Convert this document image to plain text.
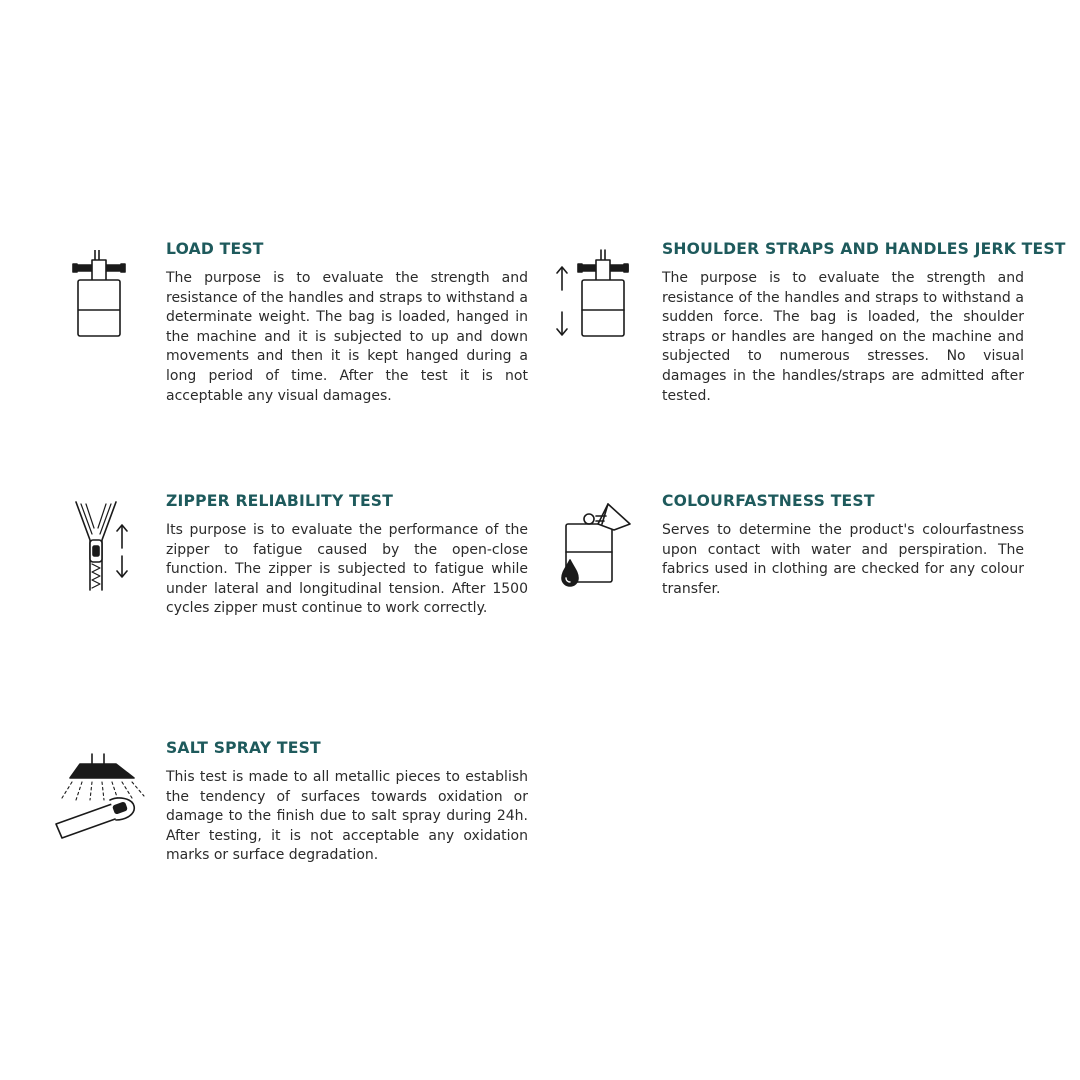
LOAD TEST

The purpose is to evaluate the strength and resistance of the handles and straps to withstand a determinate weight. The bag is loaded, hanged in the machine and it is subjected to up and down movements and then it is kept hanged during a long period of time. After the test it is not acceptable any visual damages.

SHOULDER STRAPS AND HANDLES JERK TEST

The purpose is to evaluate the strength and resistance of the handles and straps to withstand a sudden force. The bag is loaded, the shoulder straps or handles are hanged on the machine and subjected to numerous stresses. No visual damages in the handles/straps are admitted after tested.

ZIPPER RELIABILITY TEST

Its purpose is to evaluate the performance of the zipper to fatigue caused by the open-close function. The zipper is subjected to fatigue while under lateral and longitudinal tension. After 1500 cycles zipper must continue to work correctly.

COLOURFASTNESS TEST

Serves to determine the product's colourfastness upon contact with water and perspiration. The fabrics used in clothing are checked for any colour transfer.

SALT SPRAY TEST

This test is made to all metallic pieces to establish the tendency of surfaces towards oxidation or damage to the finish due to salt spray during 24h. After testing, it is not acceptable any oxidation marks or surface degradation.
